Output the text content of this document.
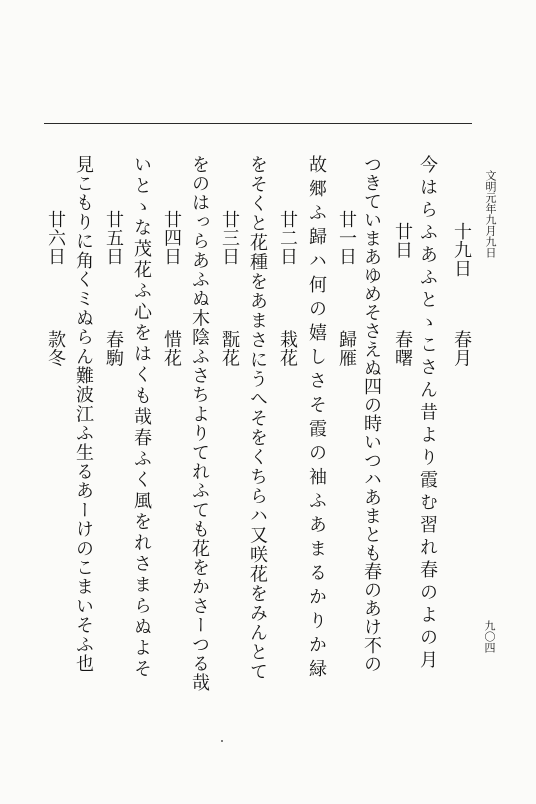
文明元年九月九日
九〇四
十九日
春月
今はらふあふとゝこさん昔より霞む習れ春のよの月
廿日
春曙
つきていまあゆめそさえぬ四の時いつハあまとも春のあけ不の
廿一日
歸雁
故郷ふ歸ハ何の嬉しさそ霞の袖ふあまるかりか緑
廿二日
栽花
をそくと花種をあまさにうへそをくちらハ又咲花をみんとて
廿三日
翫花
をのはっらあふぬ木陰ふさちよりてれふても花をかさーつる哉
廿四日
惜花
いとゝな茂花ふ心をはくも哉春ふく風をれさまらぬよそ
廿五日
春駒
見こもりに角くミぬらん難波江ふ生るあーけのこまいそふ也
廿六日
款冬
